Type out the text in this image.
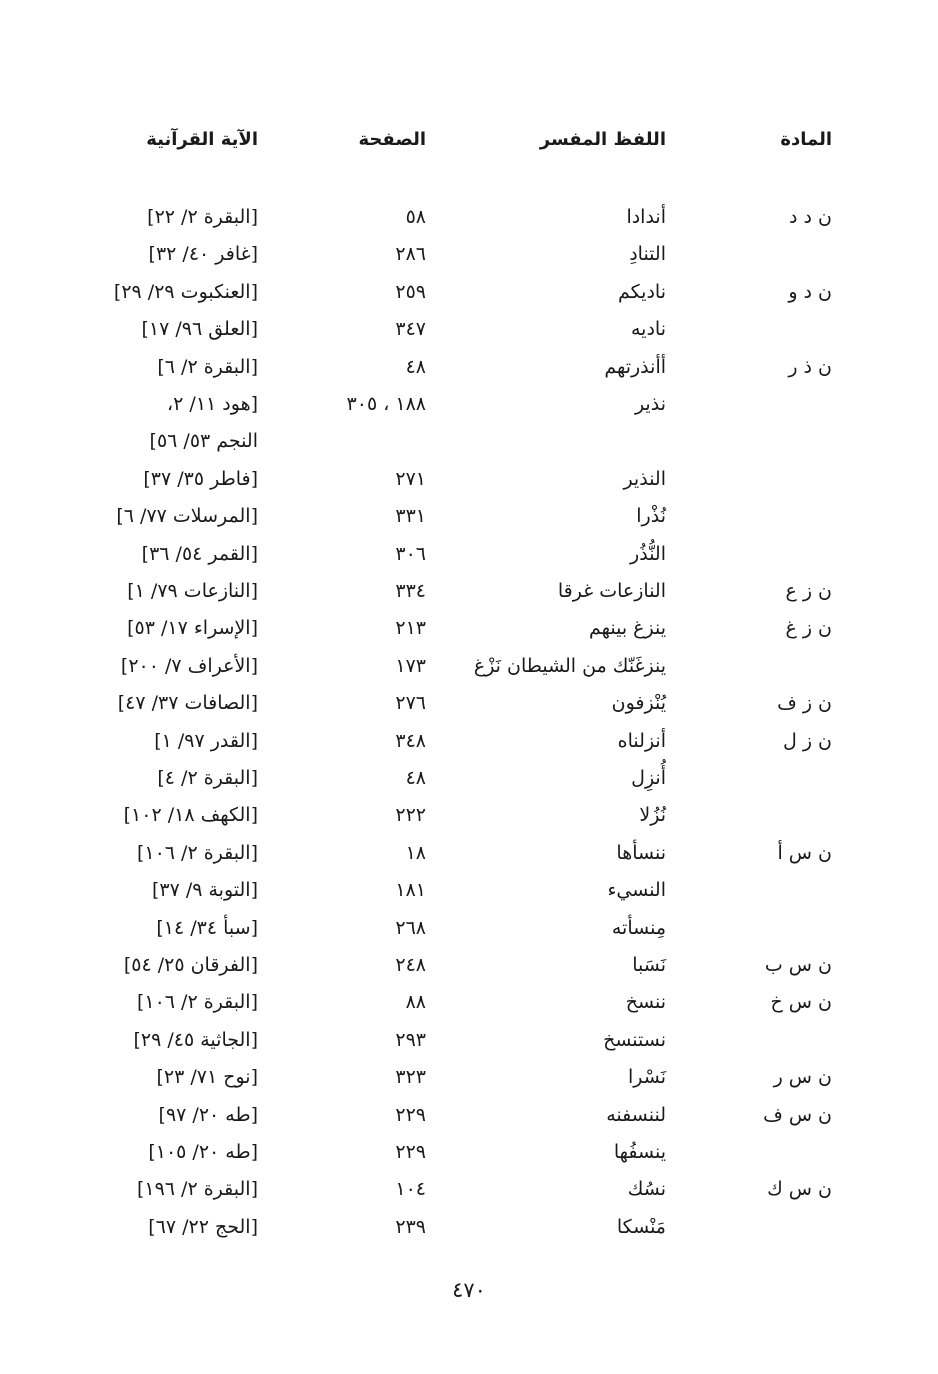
المادة
اللفظ المفسر
الصفحة
الآية القرآنية
ن د د
أندادا
٥٨
[البقرة ٢/ ٢٢]
التنادِ
٢٨٦
[غافر ٤٠/ ٣٢]
ن د و
ناديكم
٢٥٩
[العنكبوت ٢٩/ ٢٩]
ناديه
٣٤٧
[العلق ٩٦/ ١٧]
ن ذ ر
أأنذرتهم
٤٨
[البقرة ٢/ ٦]
نذير
١٨٨ ، ٣٠٥
[هود ١١/ ٢،
النجم ٥٣/ ٥٦]
النذير
٢٧١
[فاطر ٣٥/ ٣٧]
نُذْرا
٣٣١
[المرسلات ٧٧/ ٦]
النُّذُر
٣٠٦
[القمر ٥٤/ ٣٦]
ن ز ع
النازعات غرقا
٣٣٤
[النازعات ٧٩/ ١]
ن ز غ
ينزغ بينهم
٢١٣
[الإسراء ١٧/ ٥٣]
ينزغَنّك من الشيطان نَزْغ
١٧٣
[الأعراف ٧/ ٢٠٠]
ن ز ف
يُنْزفون
٢٧٦
[الصافات ٣٧/ ٤٧]
ن ز ل
أنزلناه
٣٤٨
[القدر ٩٧/ ١]
أُنزِل
٤٨
[البقرة ٢/ ٤]
نُزُلا
٢٢٢
[الكهف ١٨/ ١٠٢]
ن س أ
ننسأها
١٨
[البقرة ٢/ ١٠٦]
النسيء
١٨١
[التوبة ٩/ ٣٧]
مِنسأته
٢٦٨
[سبأ ٣٤/ ١٤]
ن س ب
نَسَبا
٢٤٨
[الفرقان ٢٥/ ٥٤]
ن س خ
ننسخ
٨٨
[البقرة ٢/ ١٠٦]
نستنسخ
٢٩٣
[الجاثية ٤٥/ ٢٩]
ن س ر
نَسْرا
٣٢٣
[نوح ٧١/ ٢٣]
ن س ف
لننسفنه
٢٢٩
[طه ٢٠/ ٩٧]
ينسفُها
٢٢٩
[طه ٢٠/ ١٠٥]
ن س ك
نسُك
١٠٤
[البقرة ٢/ ١٩٦]
مَنْسكا
٢٣٩
[الحج ٢٢/ ٦٧]
٤٧٠
